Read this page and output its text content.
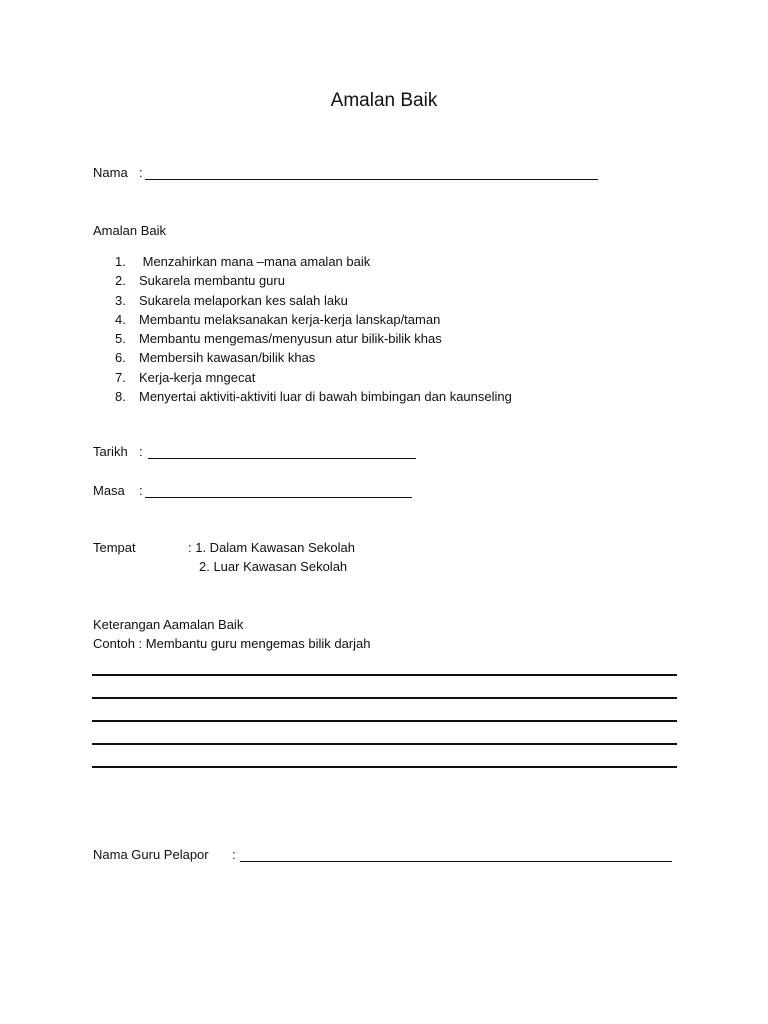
Amalan Baik
Nama :
Amalan Baik
1. Menzahirkan mana –mana amalan baik
2. Sukarela membantu guru
3. Sukarela melaporkan kes salah laku
4. Membantu melaksanakan kerja-kerja lanskap/taman
5. Membantu mengemas/menyusun atur bilik-bilik khas
6. Membersih kawasan/bilik khas
7. Kerja-kerja mngecat
8. Menyertai aktiviti-aktiviti luar di bawah bimbingan dan kaunseling
Tarikh :
Masa :
Tempat	: 1. Dalam Kawasan Sekolah
2. Luar Kawasan Sekolah
Keterangan Aamalan Baik
Contoh : Membantu guru mengemas bilik darjah
Nama Guru Pelapor :
